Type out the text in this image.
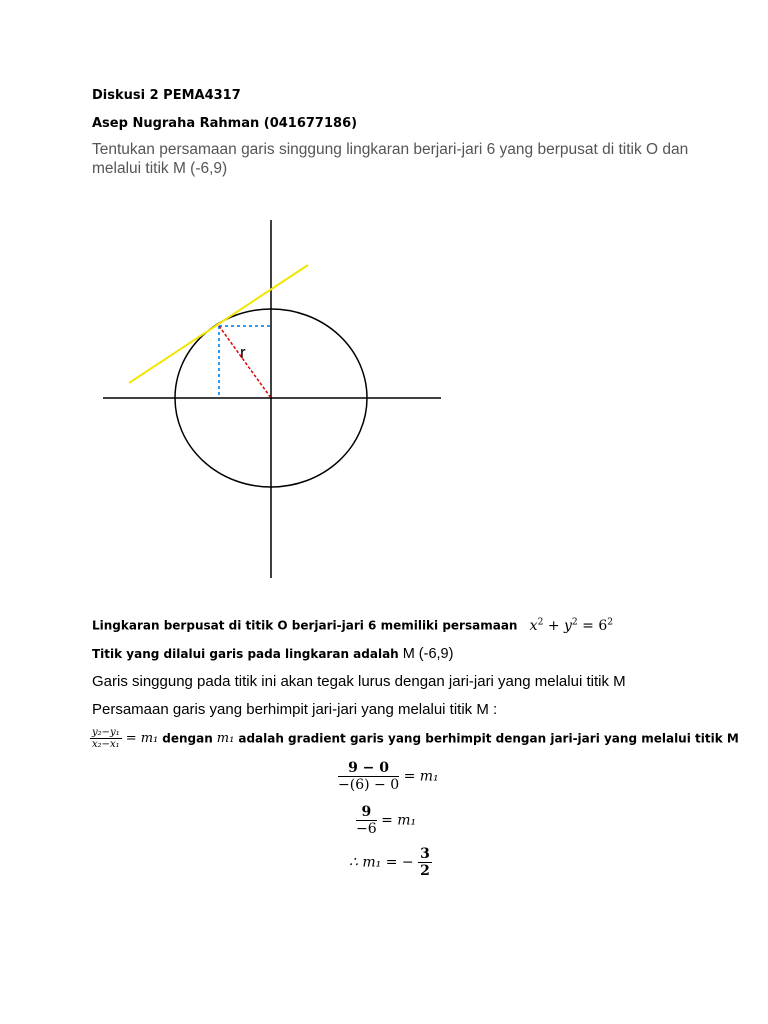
Diskusi 2 PEMA4317
Asep Nugraha Rahman (041677186)
Tentukan persamaan garis singgung lingkaran berjari-jari 6 yang berpusat di titik O dan
melalui titik M (-6,9)
r
Lingkaran berpusat di titik O berjari-jari 6 memiliki persamaan $x^2 + y^2 = 6^2$
Titik yang dilalui garis pada lingkaran adalah M (-6,9)
Garis singgung pada titik ini akan tegak lurus dengan jari-jari yang melalui titik M
Persamaan garis yang berhimpit jari-jari yang melalui titik M :
$\frac{\text{y₂−y₁}}{\text{x₂−x₁}} = m_1$ dengan m₁ adalah gradient garis yang berhimpit dengan jari-jari yang melalui titik M
$\frac{9 - 0}{-(6) - 0} = m_1$
$\frac{9}{-6} = m_1$
∴ m₁ = − $\frac{3}{2}$
